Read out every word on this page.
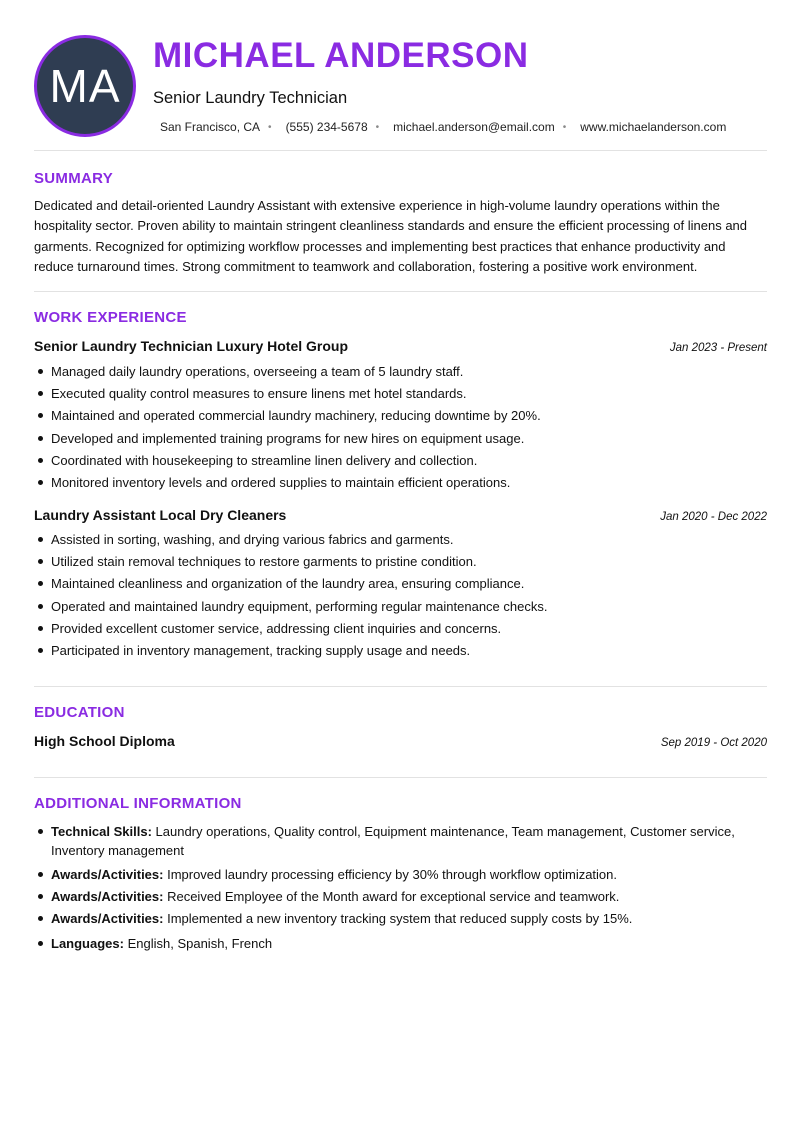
MA
MICHAEL ANDERSON
Senior Laundry Technician
San Francisco, CA • (555) 234-5678 • michael.anderson@email.com • www.michaelanderson.com
SUMMARY

Dedicated and detail-oriented Laundry Assistant with extensive experience in high-volume laundry operations within the hospitality sector. Proven ability to maintain stringent cleanliness standards and ensure the efficient processing of linens and garments. Recognized for optimizing workflow processes and implementing best practices that enhance productivity and reduce turnaround times. Strong commitment to teamwork and collaboration, fostering a positive work environment.

WORK EXPERIENCE
Senior Laundry Technician Luxury Hotel Group	Jan 2023 - Present
Managed daily laundry operations, overseeing a team of 5 laundry staff.
Executed quality control measures to ensure linens met hotel standards.
Maintained and operated commercial laundry machinery, reducing downtime by 20%.
Developed and implemented training programs for new hires on equipment usage.
Coordinated with housekeeping to streamline linen delivery and collection.
Monitored inventory levels and ordered supplies to maintain efficient operations.
Laundry Assistant Local Dry Cleaners	Jan 2020 - Dec 2022
Assisted in sorting, washing, and drying various fabrics and garments.
Utilized stain removal techniques to restore garments to pristine condition.
Maintained cleanliness and organization of the laundry area, ensuring compliance.
Operated and maintained laundry equipment, performing regular maintenance checks.
Provided excellent customer service, addressing client inquiries and concerns.
Participated in inventory management, tracking supply usage and needs.
EDUCATION
High School Diploma	Sep 2019 - Oct 2020
ADDITIONAL INFORMATION
Technical Skills: Laundry operations, Quality control, Equipment maintenance, Team management, Customer service, Inventory management
Awards/Activities: Improved laundry processing efficiency by 30% through workflow optimization.
Awards/Activities: Received Employee of the Month award for exceptional service and teamwork.
Awards/Activities: Implemented a new inventory tracking system that reduced supply costs by 15%.
Languages: English, Spanish, French
